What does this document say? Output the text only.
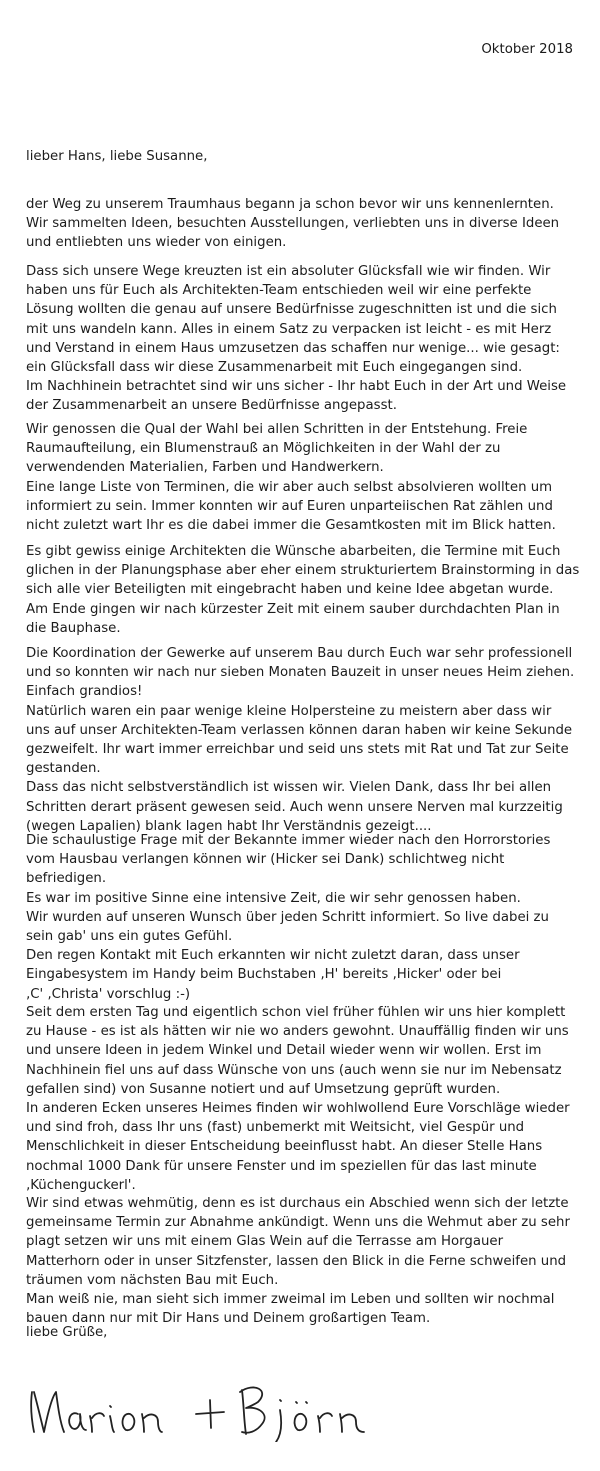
Oktober 2018
lieber Hans, liebe Susanne,
der Weg zu unserem Traumhaus begann ja schon bevor wir uns kennenlernten.
Wir sammelten Ideen, besuchten Ausstellungen, verliebten uns in diverse Ideen
und entliebten uns wieder von einigen.
Dass sich unsere Wege kreuzten ist ein absoluter Glücksfall wie wir finden. Wir
haben uns für Euch als Architekten-Team entschieden weil wir eine perfekte
Lösung wollten die genau auf unsere Bedürfnisse zugeschnitten ist und die sich
mit uns wandeln kann. Alles in einem Satz zu verpacken ist leicht - es mit Herz
und Verstand in einem Haus umzusetzen das schaffen nur wenige... wie gesagt:
ein Glücksfall dass wir diese Zusammenarbeit mit Euch eingegangen sind.
Im Nachhinein betrachtet sind wir uns sicher - Ihr habt Euch in der Art und Weise
der Zusammenarbeit an unsere Bedürfnisse angepasst.
Wir genossen die Qual der Wahl bei allen Schritten in der Entstehung. Freie
Raumaufteilung, ein Blumenstrauß an Möglichkeiten in der Wahl der zu
verwendenden Materialien, Farben und Handwerkern.
Eine lange Liste von Terminen, die wir aber auch selbst absolvieren wollten um
informiert zu sein. Immer konnten wir auf Euren unparteiischen Rat zählen und
nicht zuletzt wart Ihr es die dabei immer die Gesamtkosten mit im Blick hatten.
Es gibt gewiss einige Architekten die Wünsche abarbeiten, die Termine mit Euch
glichen in der Planungsphase aber eher einem strukturiertem Brainstorming in das
sich alle vier Beteiligten mit eingebracht haben und keine Idee abgetan wurde.
Am Ende gingen wir nach kürzester Zeit mit einem sauber durchdachten Plan in
die Bauphase.
Die Koordination der Gewerke auf unserem Bau durch Euch war sehr professionell
und so konnten wir nach nur sieben Monaten Bauzeit in unser neues Heim ziehen.
Einfach grandios!
Natürlich waren ein paar wenige kleine Holpersteine zu meistern aber dass wir
uns auf unser Architekten-Team verlassen können daran haben wir keine Sekunde
gezweifelt. Ihr wart immer erreichbar und seid uns stets mit Rat und Tat zur Seite
gestanden.
Dass das nicht selbstverständlich ist wissen wir. Vielen Dank, dass Ihr bei allen
Schritten derart präsent gewesen seid. Auch wenn unsere Nerven mal kurzzeitig
(wegen Lapalien) blank lagen habt Ihr Verständnis gezeigt....
Die schaulustige Frage mit der Bekannte immer wieder nach den Horrorstories
vom Hausbau verlangen können wir (Hicker sei Dank) schlichtweg nicht
befriedigen.
Es war im positive Sinne eine intensive Zeit, die wir sehr genossen haben.
Wir wurden auf unseren Wunsch über jeden Schritt informiert. So live dabei zu
sein gab' uns ein gutes Gefühl.
Den regen Kontakt mit Euch erkannten wir nicht zuletzt daran, dass unser
Eingabesystem im Handy beim Buchstaben ‚H' bereits ‚Hicker' oder bei
‚C' ‚Christa' vorschlug :-)
Seit dem ersten Tag und eigentlich schon viel früher fühlen wir uns hier komplett
zu Hause - es ist als hätten wir nie wo anders gewohnt. Unauffällig finden wir uns
und unsere Ideen in jedem Winkel und Detail wieder wenn wir wollen. Erst im
Nachhinein fiel uns auf dass Wünsche von uns (auch wenn sie nur im Nebensatz
gefallen sind) von Susanne notiert und auf Umsetzung geprüft wurden.
In anderen Ecken unseres Heimes finden wir wohlwollend Eure Vorschläge wieder
und sind froh, dass Ihr uns (fast) unbemerkt mit Weitsicht, viel Gespür und
Menschlichkeit in dieser Entscheidung beeinflusst habt. An dieser Stelle Hans
nochmal 1000 Dank für unsere Fenster und im speziellen für das last minute
‚Küchenguckerl'.
Wir sind etwas wehmütig, denn es ist durchaus ein Abschied wenn sich der letzte
gemeinsame Termin zur Abnahme ankündigt. Wenn uns die Wehmut aber zu sehr
plagt setzen wir uns mit einem Glas Wein auf die Terrasse am Horgauer
Matterhorn oder in unser Sitzfenster, lassen den Blick in die Ferne schweifen und
träumen vom nächsten Bau mit Euch.
Man weiß nie, man sieht sich immer zweimal im Leben und sollten wir nochmal
bauen dann nur mit Dir Hans und Deinem großartigen Team.
liebe Grüße,
